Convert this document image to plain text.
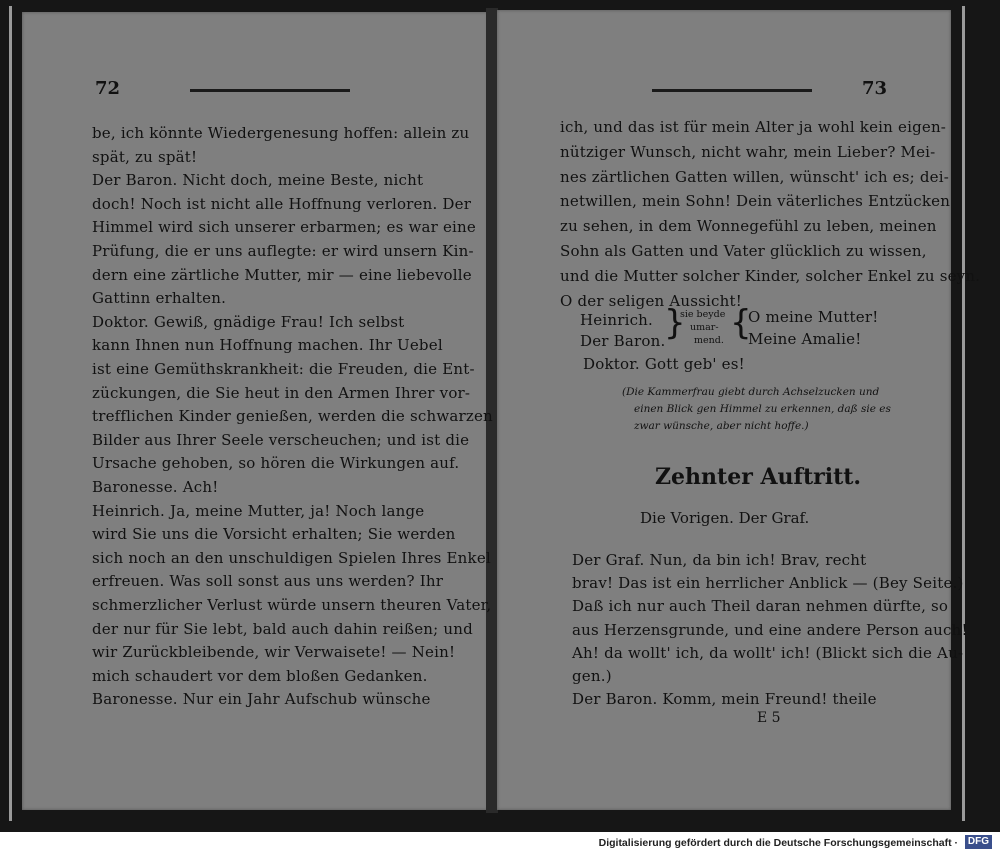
72
be, ich könnte Wiedergenesung hoffen: allein zu
spät, zu spät!
Der Baron. Nicht doch, meine Beste, nicht
doch! Noch ist nicht alle Hoffnung verloren. Der
Himmel wird sich unserer erbarmen; es war eine
Prüfung, die er uns auflegte: er wird unsern Kin-
dern eine zärtliche Mutter, mir — eine liebevolle
Gattinn erhalten.
Doktor. Gewiß, gnädige Frau! Ich selbst
kann Ihnen nun Hoffnung machen. Ihr Uebel
ist eine Gemüthskrankheit: die Freuden, die Ent-
zückungen, die Sie heut in den Armen Ihrer vor-
trefflichen Kinder genießen, werden die schwarzen
Bilder aus Ihrer Seele verscheuchen; und ist die
Ursache gehoben, so hören die Wirkungen auf.
Baronesse. Ach!
Heinrich. Ja, meine Mutter, ja! Noch lange
wird Sie uns die Vorsicht erhalten; Sie werden
sich noch an den unschuldigen Spielen Ihres Enkel
erfreuen. Was soll sonst aus uns werden? Ihr
schmerzlicher Verlust würde unsern theuren Vater,
der nur für Sie lebt, bald auch dahin reißen; und
wir Zurückbleibende, wir Verwaisete! — Nein!
mich schaudert vor dem bloßen Gedanken.
Baronesse. Nur ein Jahr Aufschub wünsche
73
ich, und das ist für mein Alter ja wohl kein eigen-
nütziger Wunsch, nicht wahr, mein Lieber? Mei-
nes zärtlichen Gatten willen, wünscht' ich es; dei-
netwillen, mein Sohn! Dein väterliches Entzücken
zu sehen, in dem Wonnegefühl zu leben, meinen
Sohn als Gatten und Vater glücklich zu wissen,
und die Mutter solcher Kinder, solcher Enkel zu seyn.
O der seligen Aussicht!
Heinrich.
Der Baron.
}
sie beyde
umar-
mend. {
O meine Mutter!
Meine Amalie!
Doktor. Gott geb' es!
(Die Kammerfrau giebt durch Achselzucken und
einen Blick gen Himmel zu erkennen, daß sie es
zwar wünsche, aber nicht hoffe.)
Zehnter Auftritt.
Die Vorigen. Der Graf.
Der Graf. Nun, da bin ich! Brav, recht
brav! Das ist ein herrlicher Anblick — (Bey Seite.)
Daß ich nur auch Theil daran nehmen dürfte, so
aus Herzensgrunde, und eine andere Person auch!
Ah! da wollt' ich, da wollt' ich! (Blickt sich die Au-
gen.)
Der Baron. Komm, mein Freund! theile
E 5
Digitalisierung gefördert durch die Deutsche Forschungsgemeinschaft · DFG
